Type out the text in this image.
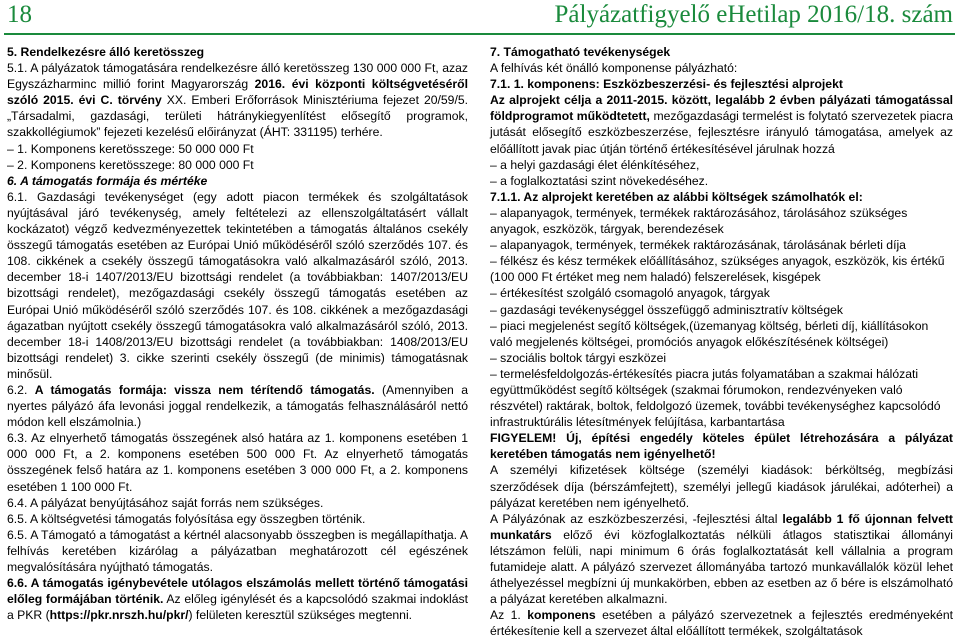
18	Pályázatfigyelő eHetilap 2016/18. szám

5. Rendelkezésre álló keretösszeg

5.1. A pályázatok támogatására rendelkezésre álló keretösszeg 130 000 000 Ft, azaz Egyszázharminc millió forint Magyarország 2016. évi központi költségvetéséről szóló 2015. évi C. törvény XX. Emberi Erőforrások Minisztériuma fejezet 20/59/5. „Társadalmi, gazdasági, területi hátránykiegyenlítést elősegítő programok, szakkollégiumok” fejezeti kezelésű előirányzat (ÁHT: 331195) terhére.

– 1. Komponens keretösszege: 50 000 000 Ft

– 2. Komponens keretösszege: 80 000 000 Ft

6. A támogatás formája és mértéke

6.1. Gazdasági tevékenységet (egy adott piacon termékek és szolgáltatások nyújtásával járó tevékenység, amely feltételezi az ellenszolgáltatásért vállalt kockázatot) végző kedvezményezettek tekintetében a támogatás általános csekély összegű támogatás esetében az Európai Unió működéséről szóló szerződés 107. és 108. cikkének a csekély összegű támogatásokra való alkalmazásáról szóló, 2013. december 18-i 1407/2013/EU bizottsági rendelet (a továbbiakban: 1407/2013/EU bizottsági rendelet), mezőgazdasági csekély összegű támogatás esetében az Európai Unió működéséről szóló szerződés 107. és 108. cikkének a mezőgazdasági ágazatban nyújtott csekély összegű támogatásokra való alkalmazásáról szóló, 2013. december 18-i 1408/2013/EU bizottsági rendelet (a továbbiakban: 1408/2013/EU bizottsági rendelet) 3. cikke szerinti csekély összegű (de minimis) támogatásnak minősül.

6.2. A támogatás formája: vissza nem térítendő támogatás. (Amennyiben a nyertes pályázó áfa levonási joggal rendelkezik, a támogatás felhasználásáról nettó módon kell elszámolnia.)

6.3. Az elnyerhető támogatás összegének alsó határa az 1. komponens esetében 1 000 000 Ft, a 2. komponens esetében 500 000 Ft. Az elnyerhető támogatás összegének felső határa az 1. komponens esetében 3 000 000 Ft, a 2. komponens esetében 1 100 000 Ft.

6.4. A pályázat benyújtásához saját forrás nem szükséges.

6.5. A költségvetési támogatás folyósítása egy összegben történik.

6.5. A Támogató a támogatást a kértnél alacsonyabb összegben is megállapíthatja. A felhívás keretében kizárólag a pályázatban meghatározott cél egészének megvalósítására nyújtható támogatás.

6.6. A támogatás igénybevétele utólagos elszámolás mellett történő támogatási előleg formájában történik. Az előleg igénylését és a kapcsolódó szakmai indoklást a PKR (https://pkr.nrszh.hu/pkr/) felületen keresztül szükséges megtenni.

7. Támogatható tevékenységek

A felhívás két önálló komponense pályázható:

7.1. 1. komponens: Eszközbeszerzési- és fejlesztési alprojekt

Az alprojekt célja a 2011-2015. között, legalább 2 évben pályázati támogatással földprogramot működtetett, mezőgazdasági termelést is folytató szervezetek piacra jutását elősegítő eszközbeszerzése, fejlesztésre irányuló támogatása, amelyek az előállított javak piac útján történő értékesítésével járulnak hozzá

– a helyi gazdasági élet élénkítéséhez,

– a foglalkoztatási szint növekedéséhez.

7.1.1. Az alprojekt keretében az alábbi költségek számolhatók el:

– alapanyagok, termények, termékek raktározásához, tárolásához szükséges anyagok, eszközök, tárgyak, berendezések

– alapanyagok, termények, termékek raktározásának, tárolásának bérleti díja

– félkész és kész termékek előállításához, szükséges anyagok, eszközök, kis értékű (100 000 Ft értéket meg nem haladó) felszerelések, kisgépek

– értékesítést szolgáló csomagoló anyagok, tárgyak

– gazdasági tevékenységgel összefüggő adminisztratív költségek

– piaci megjelenést segítő költségek,(üzemanyag költség, bérleti díj, kiállításokon való megjelenés költségei, promóciós anyagok előkészítésének költségei)

– szociális boltok tárgyi eszközei

– termelésfeldolgozás-értékesítés piacra jutás folyamatában a szakmai hálózati együttműködést segítő költségek (szakmai fórumokon, rendezvényeken való részvétel) raktárak, boltok, feldolgozó üzemek, további tevékenységhez kapcsolódó infrastruktúrális létesítmények felújítása, karbantartása

FIGYELEM! Új, építési engedély köteles épület létrehozására a pályázat keretében támogatás nem igényelhető!

A személyi kifizetések költsége (személyi kiadások: bérköltség, megbízási szerződések díja (bérszámfejtett), személyi jellegű kiadások járulékai, adóterhei) a pályázat keretében nem igényelhető.

A Pályázónak az eszközbeszerzési, -fejlesztési által legalább 1 fő újonnan felvett munkatárs előző évi közfoglalkoztatás nélküli átlagos statisztikai állományi létszámon felüli, napi minimum 6 órás foglalkoztatását kell vállalnia a program futamideje alatt. A pályázó szervezet állományába tartozó munkavállalók közül lehet áthelyezéssel megbízni új munkakörben, ebben az esetben az ő bére is elszámolható a pályázat keretében alkalmazni.

Az 1. komponens esetében a pályázó szervezetnek a fejlesztés eredményeként értékesítenie kell a szervezet által előállított termékek, szolgáltatások
